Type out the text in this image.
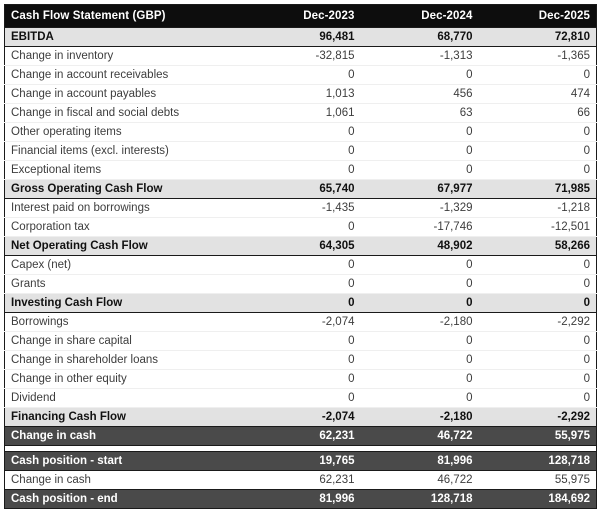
Cash Flow Statement (GBP)	Dec-2023	Dec-2024	Dec-2025
EBITDA	96,481	68,770	72,810
Change in inventory	-32,815	-1,313	-1,365
Change in account receivables	0	0	0
Change in account payables	1,013	456	474
Change in fiscal and social debts	1,061	63	66
Other operating items	0	0	0
Financial items (excl. interests)	0	0	0
Exceptional items	0	0	0
Gross Operating Cash Flow	65,740	67,977	71,985
Interest paid on borrowings	-1,435	-1,329	-1,218
Corporation tax	0	-17,746	-12,501
Net Operating Cash Flow	64,305	48,902	58,266
Capex (net)	0	0	0
Grants	0	0	0
Investing Cash Flow	0	0	0
Borrowings	-2,074	-2,180	-2,292
Change in share capital	0	0	0
Change in shareholder loans	0	0	0
Change in other equity	0	0	0
Dividend	0	0	0
Financing Cash Flow	-2,074	-2,180	-2,292
Change in cash	62,231	46,722	55,975

Cash position - start	19,765	81,996	128,718
Change in cash	62,231	46,722	55,975
Cash position - end	81,996	128,718	184,692
